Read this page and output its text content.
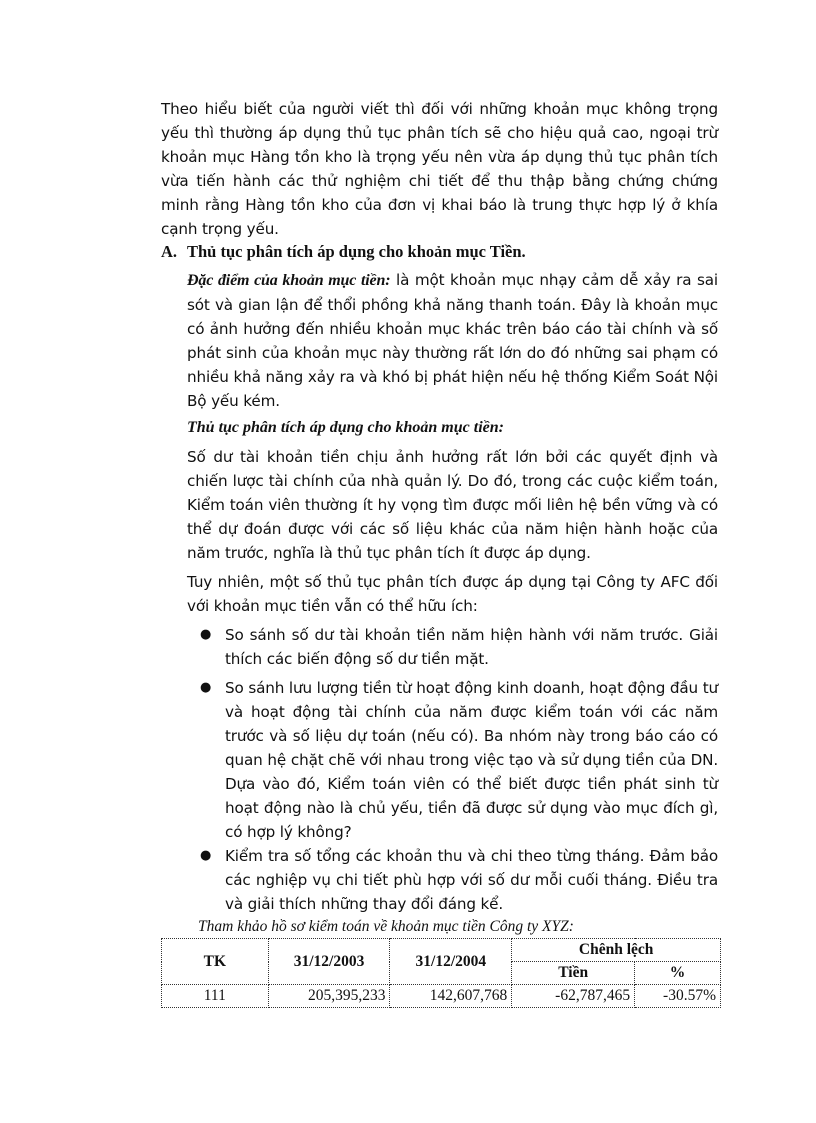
Theo hiểu biết của người viết thì đối với những khoản mục không trọng yếu thì thường áp dụng thủ tục phân tích sẽ cho hiệu quả cao, ngoại trừ khoản mục Hàng tồn kho là trọng yếu nên vừa áp dụng thủ tục phân tích vừa tiến hành các thử nghiệm chi tiết để thu thập bằng chứng chứng minh rằng Hàng tồn kho của đơn vị khai báo là trung thực hợp lý ở khía cạnh trọng yếu.

A. Thủ tục phân tích áp dụng cho khoản mục Tiền.

Đặc điểm của khoản mục tiền: là một khoản mục nhạy cảm dễ xảy ra sai sót và gian lận để thổi phồng khả năng thanh toán. Đây là khoản mục có ảnh hưởng đến nhiều khoản mục khác trên báo cáo tài chính và số phát sinh của khoản mục này thường rất lớn do đó những sai phạm có nhiều khả năng xảy ra và khó bị phát hiện nếu hệ thống Kiểm Soát Nội Bộ yếu kém.

Thủ tục phân tích áp dụng cho khoản mục tiền:

Số dư tài khoản tiền chịu ảnh hưởng rất lớn bởi các quyết định và chiến lược tài chính của nhà quản lý. Do đó, trong các cuộc kiểm toán, Kiểm toán viên thường ít hy vọng tìm được mối liên hệ bền vững và có thể dự đoán được với các số liệu khác của năm hiện hành hoặc của năm trước, nghĩa là thủ tục phân tích ít được áp dụng.

Tuy nhiên, một số thủ tục phân tích được áp dụng tại Công ty AFC đối với khoản mục tiền vẫn có thể hữu ích:

● So sánh số dư tài khoản tiền năm hiện hành với năm trước. Giải thích các biến động số dư tiền mặt.

● So sánh lưu lượng tiền từ hoạt động kinh doanh, hoạt động đầu tư và hoạt động tài chính của năm được kiểm toán với các năm trước và số liệu dự toán (nếu có). Ba nhóm này trong báo cáo có quan hệ chặt chẽ với nhau trong việc tạo và sử dụng tiền của DN. Dựa vào đó, Kiểm toán viên có thể biết được tiền phát sinh từ hoạt động nào là chủ yếu, tiền đã được sử dụng vào mục đích gì, có hợp lý không?

● Kiểm tra số tổng các khoản thu và chi theo từng tháng. Đảm bảo các nghiệp vụ chi tiết phù hợp với số dư mỗi cuối tháng. Điều tra và giải thích những thay đổi đáng kể.

Tham khảo hồ sơ kiểm toán về khoản mục tiền Công ty XYZ:
TK	31/12/2003	31/12/2004	Chênh lệch	
			Tiền	%
111	205,395,233	142,607,768	-62,787,465	-30.57%
